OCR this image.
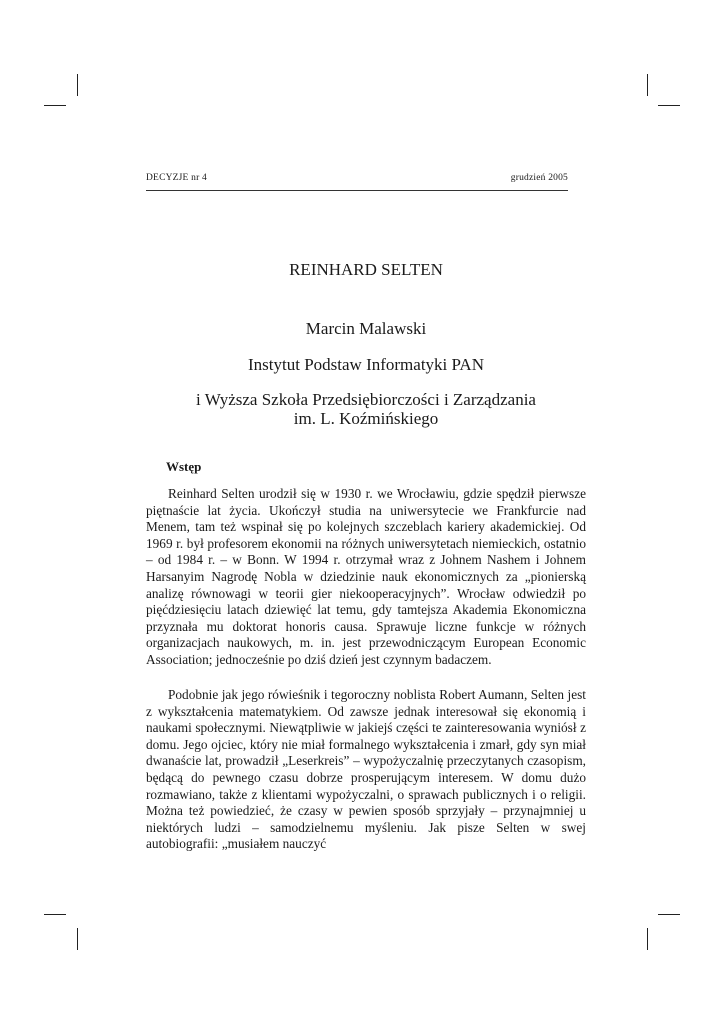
DECYZJE nr 4	grudzień 2005
REINHARD SELTEN
Marcin Malawski
Instytut Podstaw Informatyki PAN
i Wyższa Szkoła Przedsiębiorczości i Zarządzania
im. L. Koźmińskiego
Wstęp

Reinhard Selten urodził się w 1930 r. we Wrocławiu, gdzie spędził pierwsze piętnaście lat życia. Ukończył studia na uniwersytecie we Frankfurcie nad Menem, tam też wspinał się po kolejnych szczeblach kariery akademickiej. Od 1969 r. był profesorem ekonomii na różnych uniwersytetach niemieckich, ostatnio – od 1984 r. – w Bonn. W 1994 r. otrzymał wraz z Johnem Nashem i Johnem Harsanyim Nagrodę Nobla w dziedzinie nauk ekonomicznych za „pionierską analizę równowagi w teorii gier niekooperacyjnych”. Wrocław odwiedził po pięćdziesięciu latach dziewięć lat temu, gdy tamtejsza Akademia Ekonomiczna przyznała mu doktorat honoris causa. Sprawuje liczne funkcje w różnych organizacjach naukowych, m. in. jest przewodniczącym European Economic Association; jednocześnie po dziś dzień jest czynnym badaczem.

Podobnie jak jego rówieśnik i tegoroczny noblista Robert Aumann, Selten jest z wykształcenia matematykiem. Od zawsze jednak interesował się ekonomią i naukami społecznymi. Niewątpliwie w jakiejś części te zainteresowania wyniósł z domu. Jego ojciec, który nie miał formalnego wykształcenia i zmarł, gdy syn miał dwanaście lat, prowadził „Leserkreis” – wypożyczalnię przeczytanych czasopism, będącą do pewnego czasu dobrze prosperującym interesem. W domu dużo rozmawiano, także z klientami wypożyczalni, o sprawach publicznych i o religii. Można też powiedzieć, że czasy w pewien sposób sprzyjały – przynajmniej u niektórych ludzi – samodzielnemu myśleniu. Jak pisze Selten w swej autobiografii: „musiałem nauczyć
